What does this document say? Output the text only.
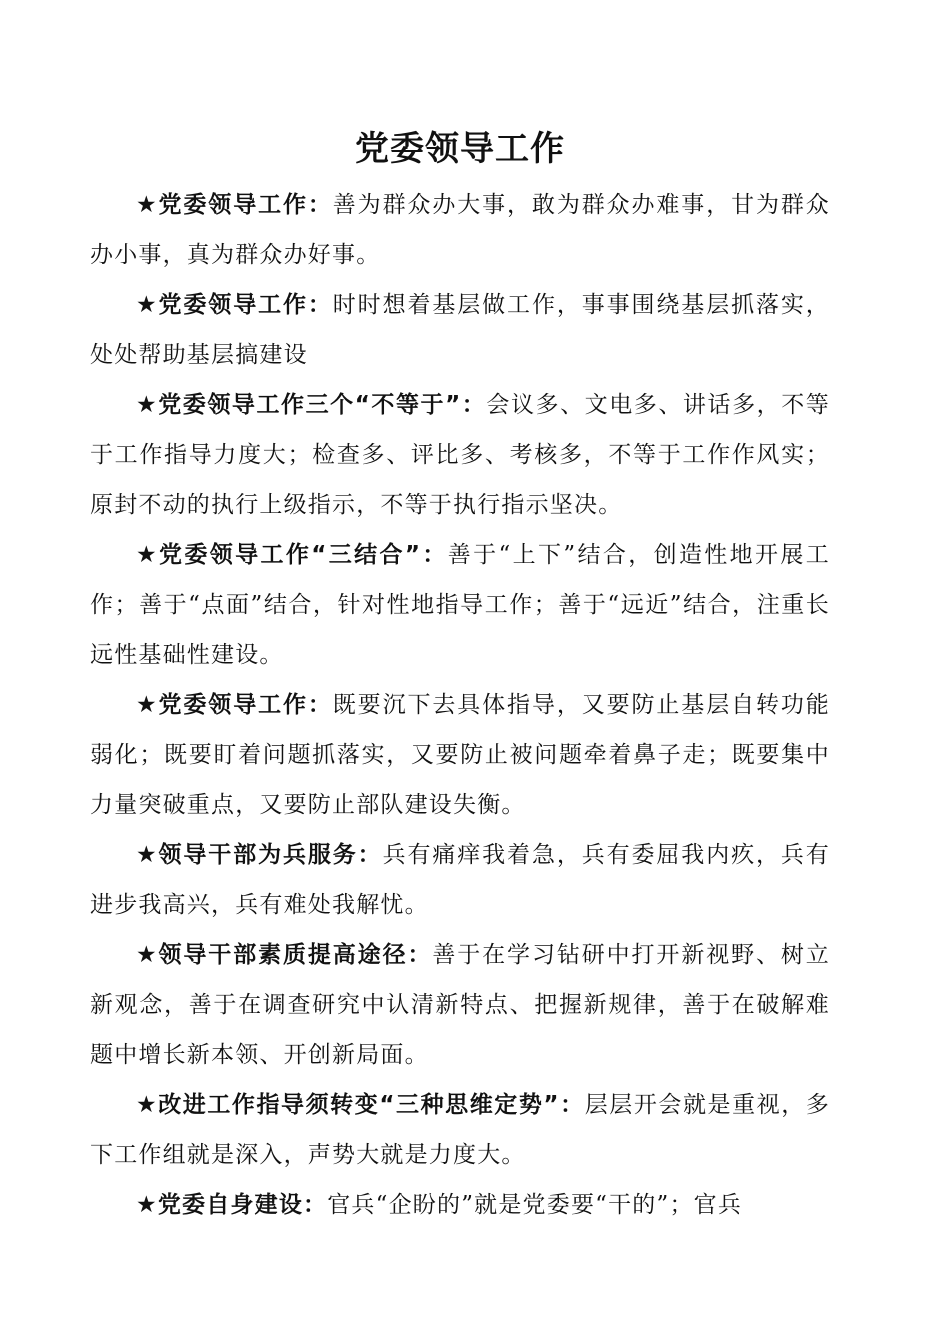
党委领导工作

★党委领导工作：善为群众办大事，敢为群众办难事，甘为群众办小事，真为群众办好事。

★党委领导工作：时时想着基层做工作，事事围绕基层抓落实，处处帮助基层搞建设

★党委领导工作三个“不等于”：会议多、文电多、讲话多，不等于工作指导力度大；检查多、评比多、考核多，不等于工作作风实；原封不动的执行上级指示，不等于执行指示坚决。

★党委领导工作“三结合”：善于“上下”结合，创造性地开展工作；善于“点面”结合，针对性地指导工作；善于“远近”结合，注重长远性基础性建设。

★党委领导工作：既要沉下去具体指导，又要防止基层自转功能弱化；既要盯着问题抓落实，又要防止被问题牵着鼻子走；既要集中力量突破重点，又要防止部队建设失衡。

★领导干部为兵服务：兵有痛痒我着急，兵有委屈我内疚，兵有进步我高兴，兵有难处我解忧。

★领导干部素质提高途径：善于在学习钻研中打开新视野、树立新观念，善于在调查研究中认清新特点、把握新规律，善于在破解难题中增长新本领、开创新局面。

★改进工作指导须转变“三种思维定势”：层层开会就是重视，多下工作组就是深入，声势大就是力度大。

★党委自身建设：官兵“企盼的”就是党委要“干的”；官兵
